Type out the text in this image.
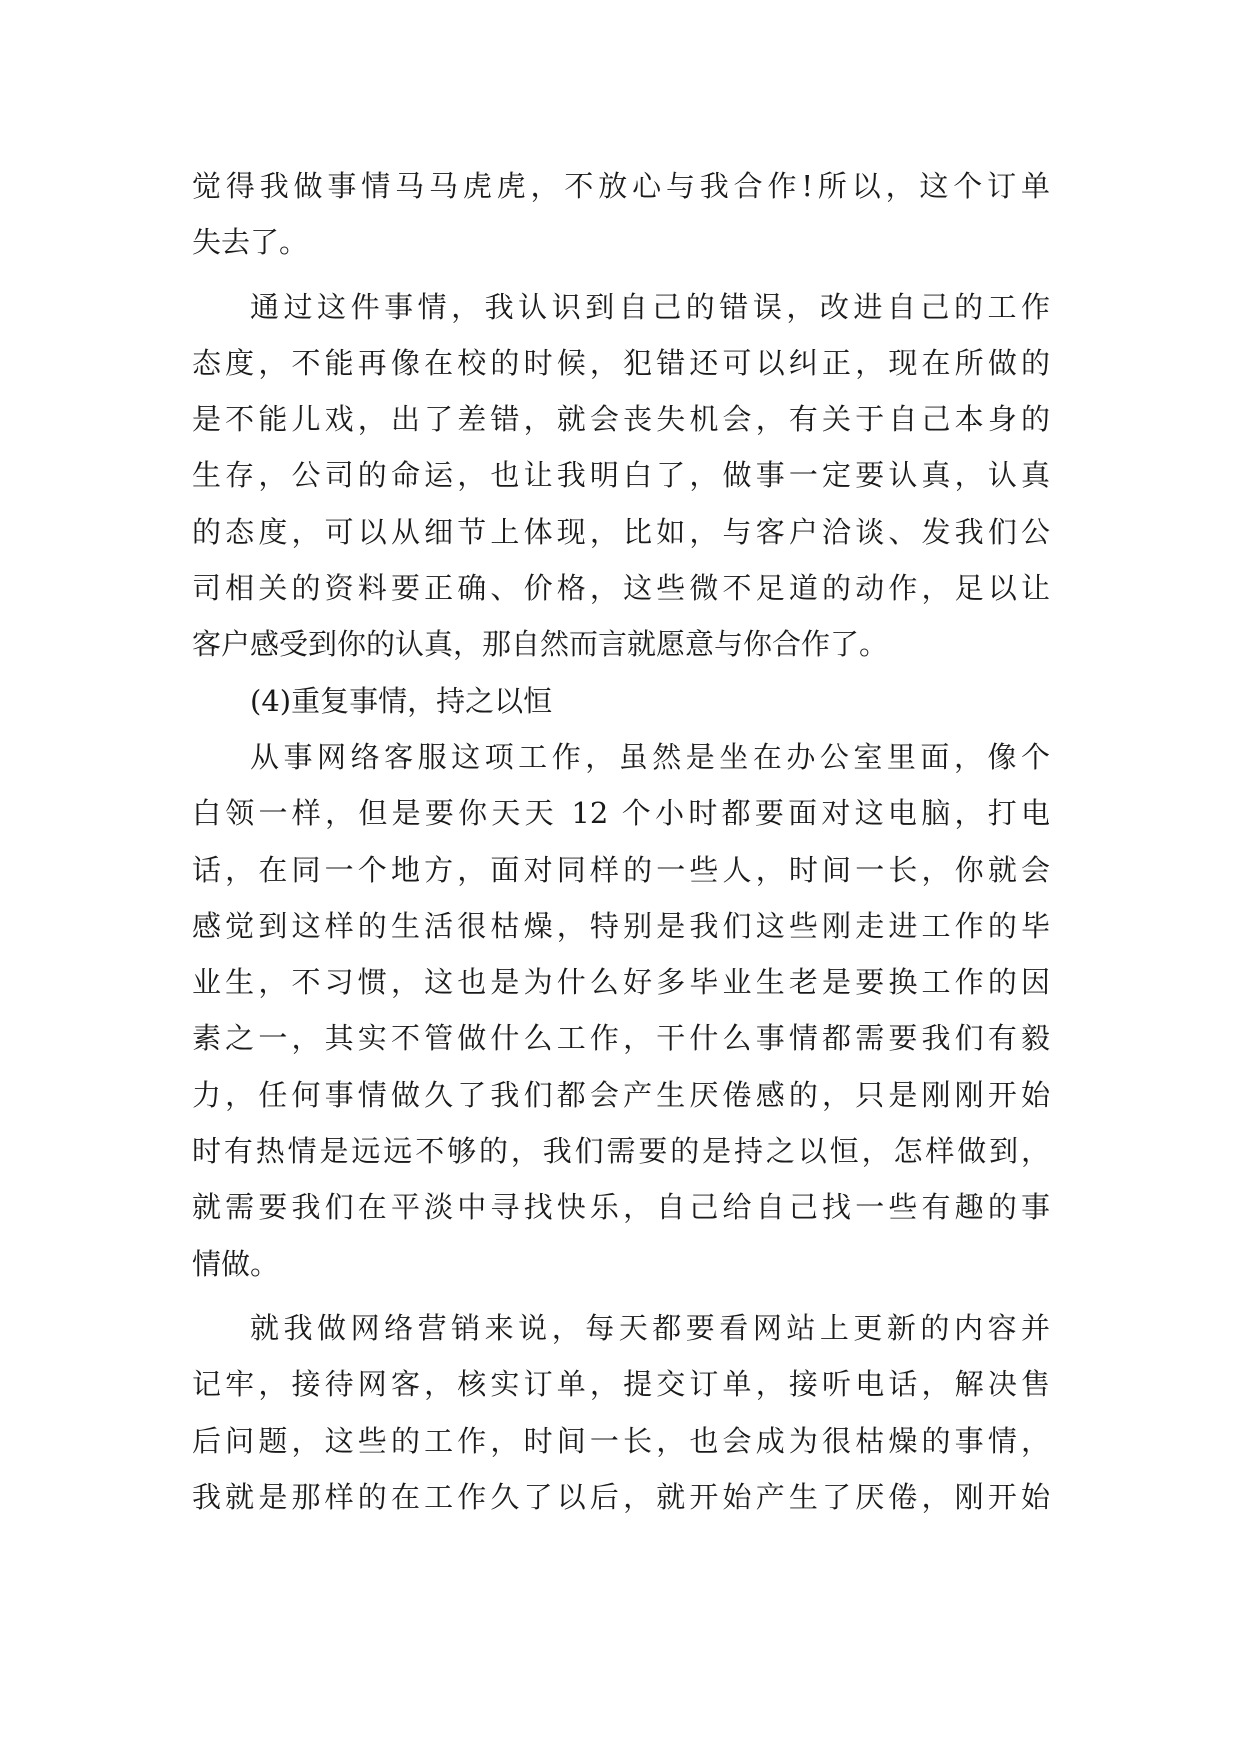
觉得我做事情马马虎虎，不放心与我合作!所以，这个订单
失去了。
通过这件事情，我认识到自己的错误，改进自己的工作
态度，不能再像在校的时候，犯错还可以纠正，现在所做的
是不能儿戏，出了差错，就会丧失机会，有关于自己本身的
生存，公司的命运，也让我明白了，做事一定要认真，认真
的态度，可以从细节上体现，比如，与客户洽谈、发我们公
司相关的资料要正确、价格，这些微不足道的动作，足以让
客户感受到你的认真，那自然而言就愿意与你合作了。
(4)重复事情，持之以恒
从事网络客服这项工作，虽然是坐在办公室里面，像个
白领一样，但是要你天天 12 个小时都要面对这电脑，打电
话，在同一个地方，面对同样的一些人，时间一长，你就会
感觉到这样的生活很枯燥，特别是我们这些刚走进工作的毕
业生，不习惯，这也是为什么好多毕业生老是要换工作的因
素之一，其实不管做什么工作，干什么事情都需要我们有毅
力，任何事情做久了我们都会产生厌倦感的，只是刚刚开始
时有热情是远远不够的，我们需要的是持之以恒，怎样做到，
就需要我们在平淡中寻找快乐，自己给自己找一些有趣的事
情做。
就我做网络营销来说，每天都要看网站上更新的内容并
记牢，接待网客，核实订单，提交订单，接听电话，解决售
后问题，这些的工作，时间一长，也会成为很枯燥的事情，
我就是那样的在工作久了以后，就开始产生了厌倦，刚开始
